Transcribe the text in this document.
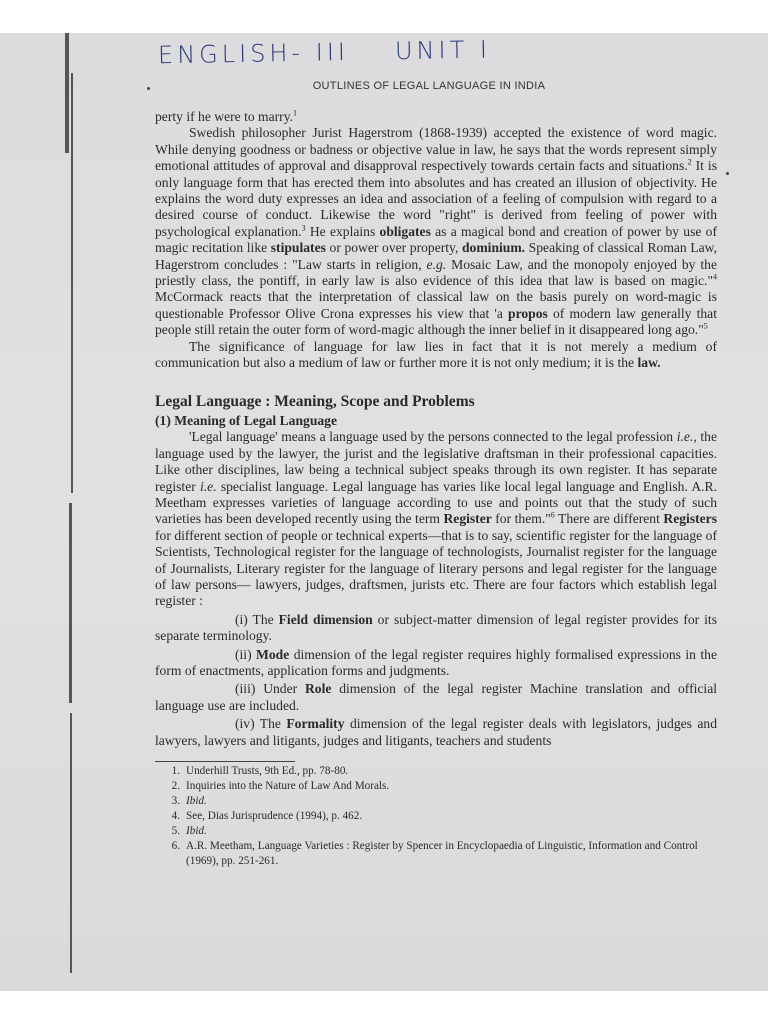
ENGLISH- III UNIT I
OUTLINES OF LEGAL LANGUAGE IN INDIA

perty if he were to marry.$^1$

Swedish philosopher Jurist Hagerstrom (1868-1939) accepted the existence of word magic. While denying goodness or badness or objective value in law, he says that the words represent simply emotional attitudes of approval and disapproval respectively towards certain facts and situations.$^2$ It is only language form that has erected them into absolutes and has created an illusion of objectivity. He explains the word duty expresses an idea and association of a feeling of compulsion with regard to a desired course of conduct. Likewise the word "right" is derived from feeling of power with psychological explanation.$^3$ He explains obligates as a magical bond and creation of power by use of magic recitation like stipulates or power over property, dominium. Speaking of classical Roman Law, Hagerstrom concludes : "Law starts in religion, e.g. Mosaic Law, and the monopoly enjoyed by the priestly class, the pontiff, in early law is also evidence of this idea that law is based on magic."$^4$ McCormack reacts that the interpretation of classical law on the basis purely on word-magic is questionable Professor Olive Crona expresses his view that 'a propos of modern law generally that people still retain the outer form of word-magic although the inner belief in it disappeared long ago."$^5$

The significance of language for law lies in fact that it is not merely a medium of communication but also a medium of law or further more it is not only medium; it is the law.

Legal Language : Meaning, Scope and Problems

(1) Meaning of Legal Language

'Legal language' means a language used by the persons connected to the legal profession i.e., the language used by the lawyer, the jurist and the legislative draftsman in their professional capacities. Like other disciplines, law being a technical subject speaks through its own register. It has separate register i.e. specialist language. Legal language has varies like local legal language and English. A.R. Meetham expresses varieties of language according to use and points out that the study of such varieties has been developed recently using the term Register for them."$^6$ There are different Registers for different section of people or technical experts—that is to say, scientific register for the language of Scientists, Technological register for the language of technologists, Journalist register for the language of Journalists, Literary register for the language of literary persons and legal register for the language of law persons— lawyers, judges, draftsmen, jurists etc. There are four factors which establish legal register :

(i) The Field dimension or subject-matter dimension of legal register provides for its separate terminology.

(ii) Mode dimension of the legal register requires highly formalised expressions in the form of enactments, application forms and judgments.

(iii) Under Role dimension of the legal register Machine translation and official language use are included.

(iv) The Formality dimension of the legal register deals with legislators, judges and lawyers, lawyers and litigants, judges and litigants, teachers and students

1. Underhill Trusts, 9th Ed., pp. 78-80.
2. Inquiries into the Nature of Law And Morals.
3. Ibid.
4. See, Dias Jurisprudence (1994), p. 462.
5. Ibid.
6. A.R. Meetham, Language Varieties : Register by Spencer in Encyclopaedia of Linguistic, Information and Control (1969), pp. 251-261.
